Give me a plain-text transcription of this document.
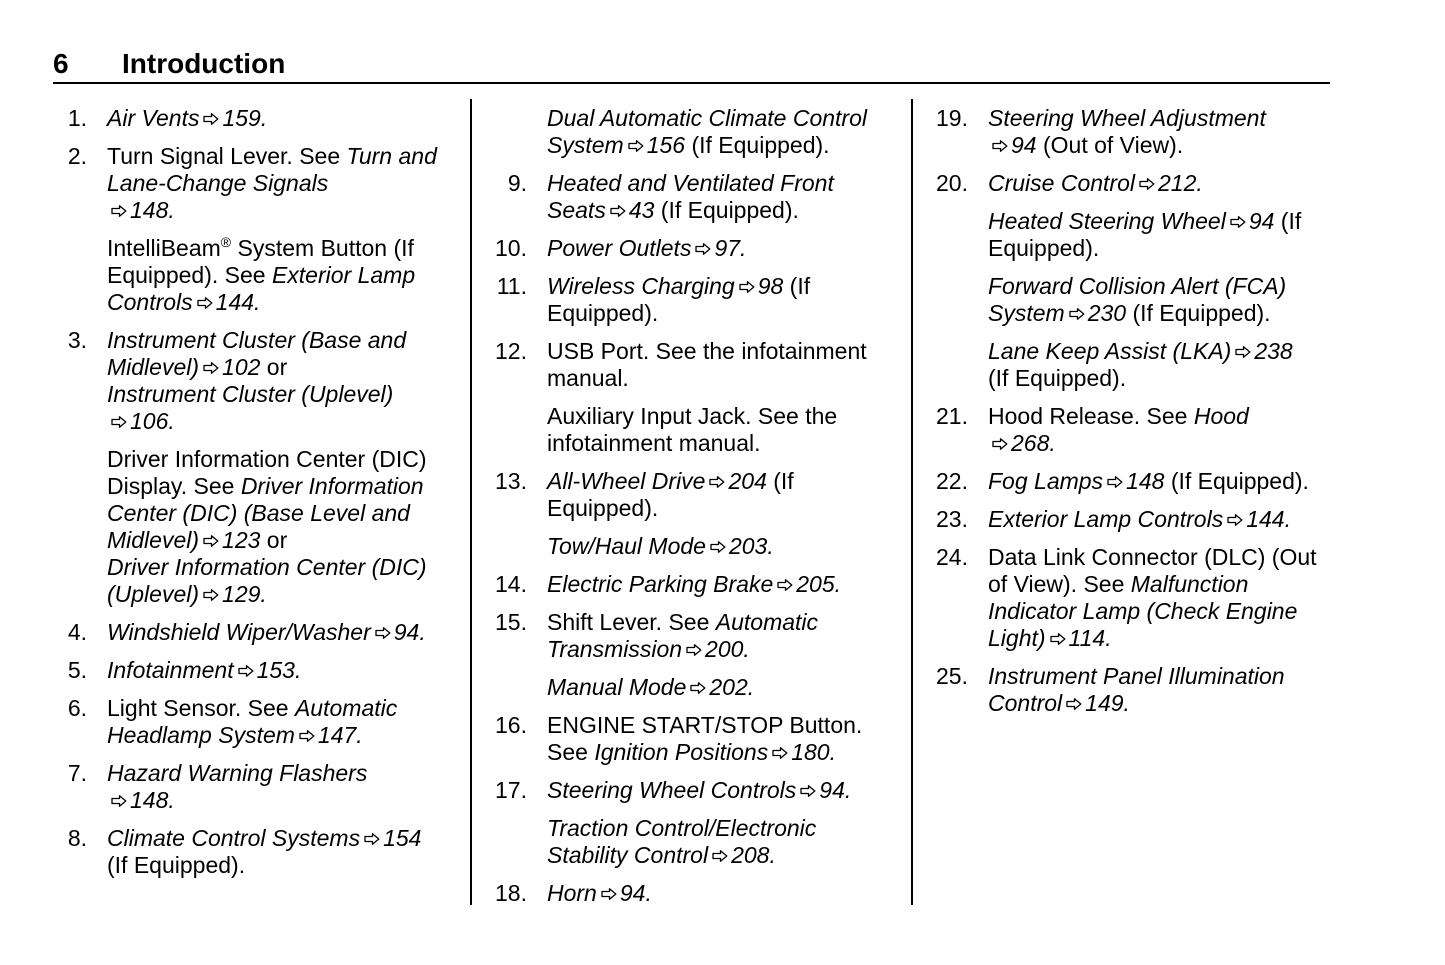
6 Introduction
1. Air Vents 159.
2. Turn Signal Lever. See Turn and Lane-Change Signals
148.
IntelliBeam® System Button (If Equipped). See Exterior Lamp Controls 144.
3. Instrument Cluster (Base and Midlevel) 102 or
Instrument Cluster (Uplevel)
106.
Driver Information Center (DIC) Display. See Driver Information Center (DIC) (Base Level and Midlevel) 123 or
Driver Information Center (DIC) (Uplevel) 129.
4. Windshield Wiper/Washer 94.
5. Infotainment 153.
6. Light Sensor. See Automatic Headlamp System 147.
7. Hazard Warning Flashers
148.
8. Climate Control Systems 154
(If Equipped).
Dual Automatic Climate Control System 156 (If Equipped).
9. Heated and Ventilated Front Seats 43 (If Equipped).
10. Power Outlets 97.
11. Wireless Charging 98 (If Equipped).
12. USB Port. See the infotainment manual.
Auxiliary Input Jack. See the infotainment manual.
13. All-Wheel Drive 204 (If Equipped).
Tow/Haul Mode 203.
14. Electric Parking Brake 205.
15. Shift Lever. See Automatic Transmission 200.
Manual Mode 202.
16. ENGINE START/STOP Button.
See Ignition Positions 180.
17. Steering Wheel Controls 94.
Traction Control/Electronic Stability Control 208.
18. Horn 94.
19. Steering Wheel Adjustment
94 (Out of View).
20. Cruise Control 212.
Heated Steering Wheel 94 (If Equipped).
Forward Collision Alert (FCA) System 230 (If Equipped).
Lane Keep Assist (LKA) 238
(If Equipped).
21. Hood Release. See Hood
268.
22. Fog Lamps 148 (If Equipped).
23. Exterior Lamp Controls 144.
24. Data Link Connector (DLC) (Out of View). See Malfunction Indicator Lamp (Check Engine Light) 114.
25. Instrument Panel Illumination Control 149.
